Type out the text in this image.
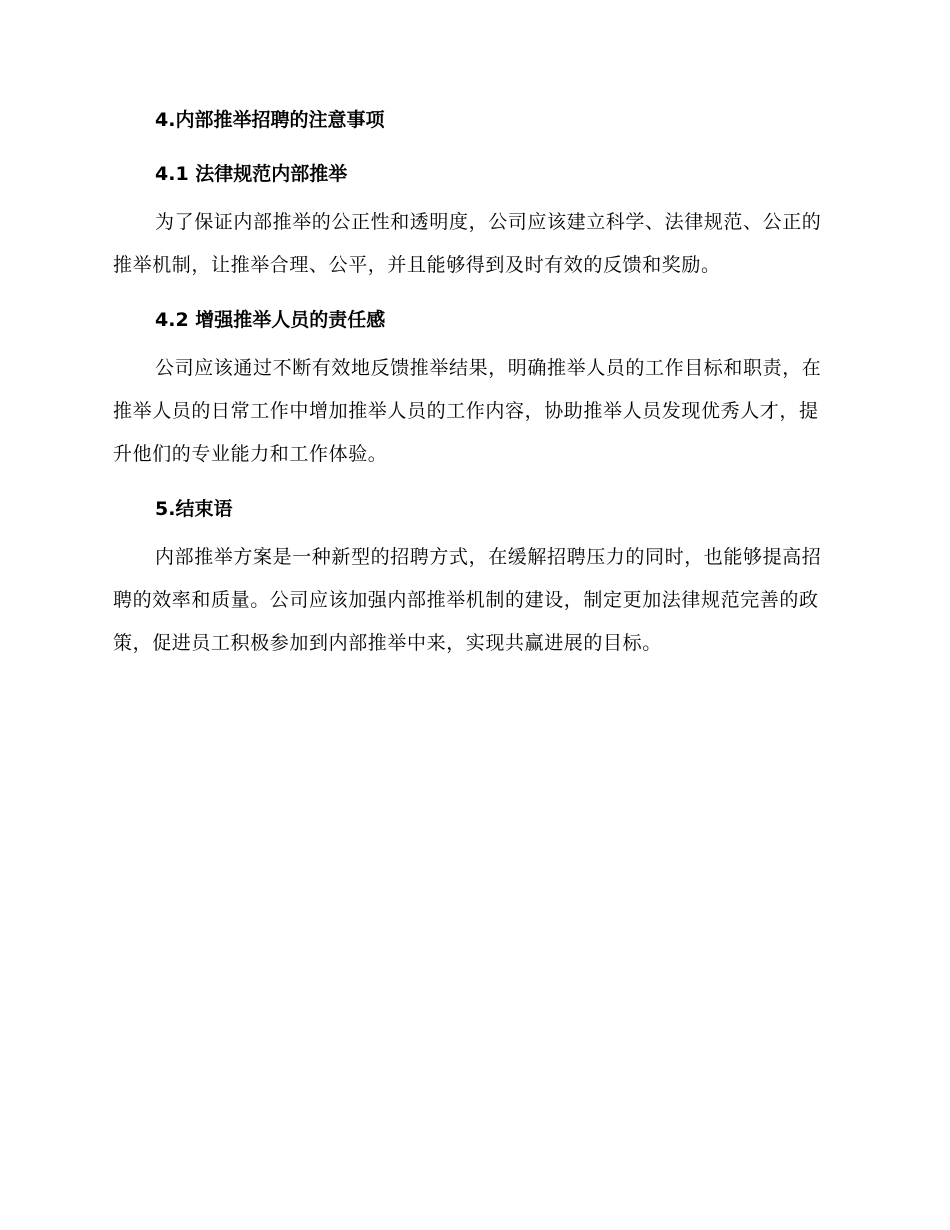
4.内部推举招聘的注意事项
4.1 法律规范内部推举

为了保证内部推举的公正性和透明度，公司应该建立科学、法律规范、公正的推举机制，让推举合理、公平，并且能够得到及时有效的反馈和奖励。

4.2 增强推举人员的责任感

公司应该通过不断有效地反馈推举结果，明确推举人员的工作目标和职责，在推举人员的日常工作中增加推举人员的工作内容，协助推举人员发现优秀人才，提升他们的专业能力和工作体验。

5.结束语

内部推举方案是一种新型的招聘方式，在缓解招聘压力的同时，也能够提高招聘的效率和质量。公司应该加强内部推举机制的建设，制定更加法律规范完善的政策，促进员工积极参加到内部推举中来，实现共赢进展的目标。
